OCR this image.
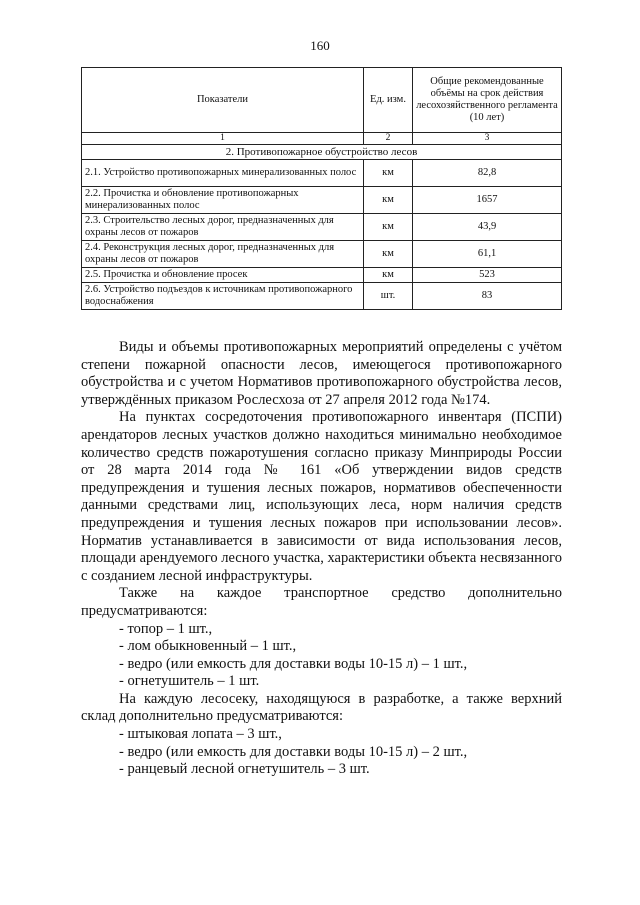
160
Показатели	Ед. изм.	Общие рекомендованные объёмы на срок действия лесохозяйственного регламента (10 лет)
1	2	3
2. Противопожарное обустройство лесов		
2.1. Устройство противопожарных минерализованных полос	км	82,8
2.2. Прочистка и обновление противопожарных минерализованных полос	км	1657
2.3. Строительство лесных дорог, предназначенных для охраны лесов от пожаров	км	43,9
2.4. Реконструкция лесных дорог, предназначенных для охраны лесов от пожаров	км	61,1
2.5. Прочистка и обновление просек	км	523
2.6. Устройство подъездов к источникам противопожарного водоснабжения	шт.	83

Виды и объемы противопожарных мероприятий определены с учётом степени пожарной опасности лесов, имеющегося противопожарного обустройства и с учетом Нормативов противопожарного обустройства лесов, утверждённых приказом Рослесхоза от 27 апреля 2012 года №174.

На пунктах сосредоточения противопожарного инвентаря (ПСПИ) арендаторов лесных участков должно находиться минимально необходимое количество средств пожаротушения согласно приказу Минприроды России от 28 марта 2014 года № 161 «Об утверждении видов средств предупреждения и тушения лесных пожаров, нормативов обеспеченности данными средствами лиц, использующих леса, норм наличия средств предупреждения и тушения лесных пожаров при использовании лесов». Норматив устанавливается в зависимости от вида использования лесов, площади арендуемого лесного участка, характеристики объекта несвязанного с созданием лесной инфраструктуры.

Также на каждое транспортное средство дополнительно предусматриваются:

- топор – 1 шт.,

- лом обыкновенный – 1 шт.,

- ведро (или емкость для доставки воды 10-15 л) – 1 шт.,

- огнетушитель – 1 шт.

На каждую лесосеку, находящуюся в разработке, а также верхний склад дополнительно предусматриваются:

- штыковая лопата – 3 шт.,

- ведро (или емкость для доставки воды 10-15 л) – 2 шт.,

- ранцевый лесной огнетушитель – 3 шт.
